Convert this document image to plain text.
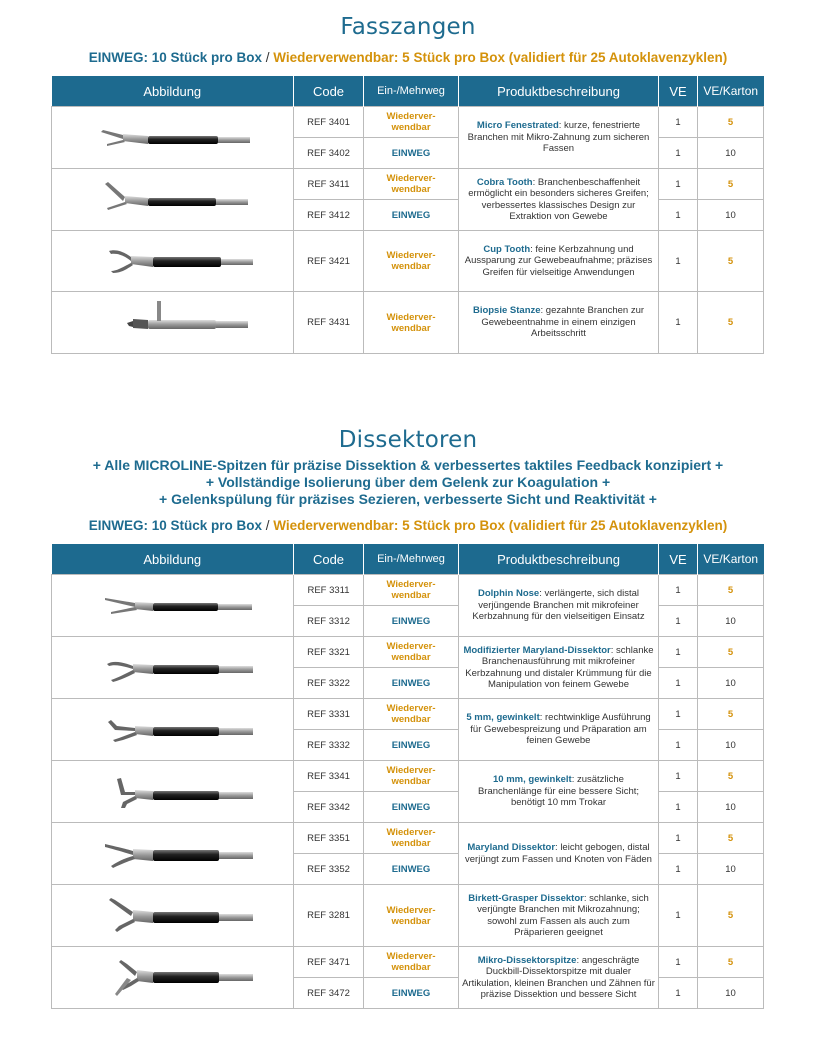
Fasszangen
EINWEG: 10 Stück pro Box / Wiederverwendbar: 5 Stück pro Box (validiert für 25 Autoklavenzyklen)
Abbildung	Code	Ein-/Mehrweg	Produktbeschreibung	VE	VE/Karton

	REF 3401	Wiederver-
wendbar	Micro Fenestrated: kurze, fenestrierte Branchen mit Mikro-Zahnung zum sicheren Fassen	1	5
	REF 3402	EINWEG		1	10

	REF 3411	Wiederver-
wendbar	Cobra Tooth: Branchenbeschaffenheit ermöglicht ein besonders sicheres Greifen; verbessertes klassisches Design zur Extraktion von Gewebe	1	5
	REF 3412	EINWEG		1	10

	REF 3421	Wiederver-
wendbar	Cup Tooth: feine Kerbzahnung und Aussparung zur Gewebeaufnahme; präzises Greifen für vielseitige Anwendungen	1	5

	REF 3431	Wiederver-
wendbar	Biopsie Stanze: gezahnte Branchen zur Gewebeentnahme in einem einzigen Arbeitsschritt	1	5
Dissektoren
+ Alle MICROLINE-Spitzen für präzise Dissektion & verbessertes taktiles Feedback konzipiert +
+ Vollständige Isolierung über dem Gelenk zur Koagulation +
+ Gelenkspülung für präzises Sezieren, verbesserte Sicht und Reaktivität +
EINWEG: 10 Stück pro Box / Wiederverwendbar: 5 Stück pro Box (validiert für 25 Autoklavenzyklen)
Abbildung	Code	Ein-/Mehrweg	Produktbeschreibung	VE	VE/Karton

	REF 3311	Wiederver-
wendbar	Dolphin Nose: verlängerte, sich distal verjüngende Branchen mit mikrofeiner Kerbzahnung für den vielseitigen Einsatz	1	5
	REF 3312	EINWEG		1	10

	REF 3321	Wiederver-
wendbar	Modifizierter Maryland-Dissektor: schlanke Branchenausführung mit mikrofeiner Kerbzahnung und distaler Krümmung für die Manipulation von feinem Gewebe	1	5
	REF 3322	EINWEG		1	10

	REF 3331	Wiederver-
wendbar	5 mm, gewinkelt: rechtwinklige Ausführung für Gewebespreizung und Präparation am feinen Gewebe	1	5
	REF 3332	EINWEG		1	10

	REF 3341	Wiederver-
wendbar	10 mm, gewinkelt: zusätzliche Branchenlänge für eine bessere Sicht; benötigt 10 mm Trokar	1	5
	REF 3342	EINWEG		1	10

	REF 3351	Wiederver-
wendbar	Maryland Dissektor: leicht gebogen, distal verjüngt zum Fassen und Knoten von Fäden	1	5
	REF 3352	EINWEG		1	10

	REF 3281	Wiederver-
wendbar	Birkett-Grasper Dissektor: schlanke, sich verjüngte Branchen mit Mikrozahnung; sowohl zum Fassen als auch zum Präparieren geeignet	1	5

	REF 3471	Wiederver-
wendbar	Mikro-Dissektorspitze: angeschrägte Duckbill-Dissektorspitze mit dualer Artikulation, kleinen Branchen und Zähnen für präzise Dissektion und bessere Sicht	1	5
	REF 3472	EINWEG		1	10
